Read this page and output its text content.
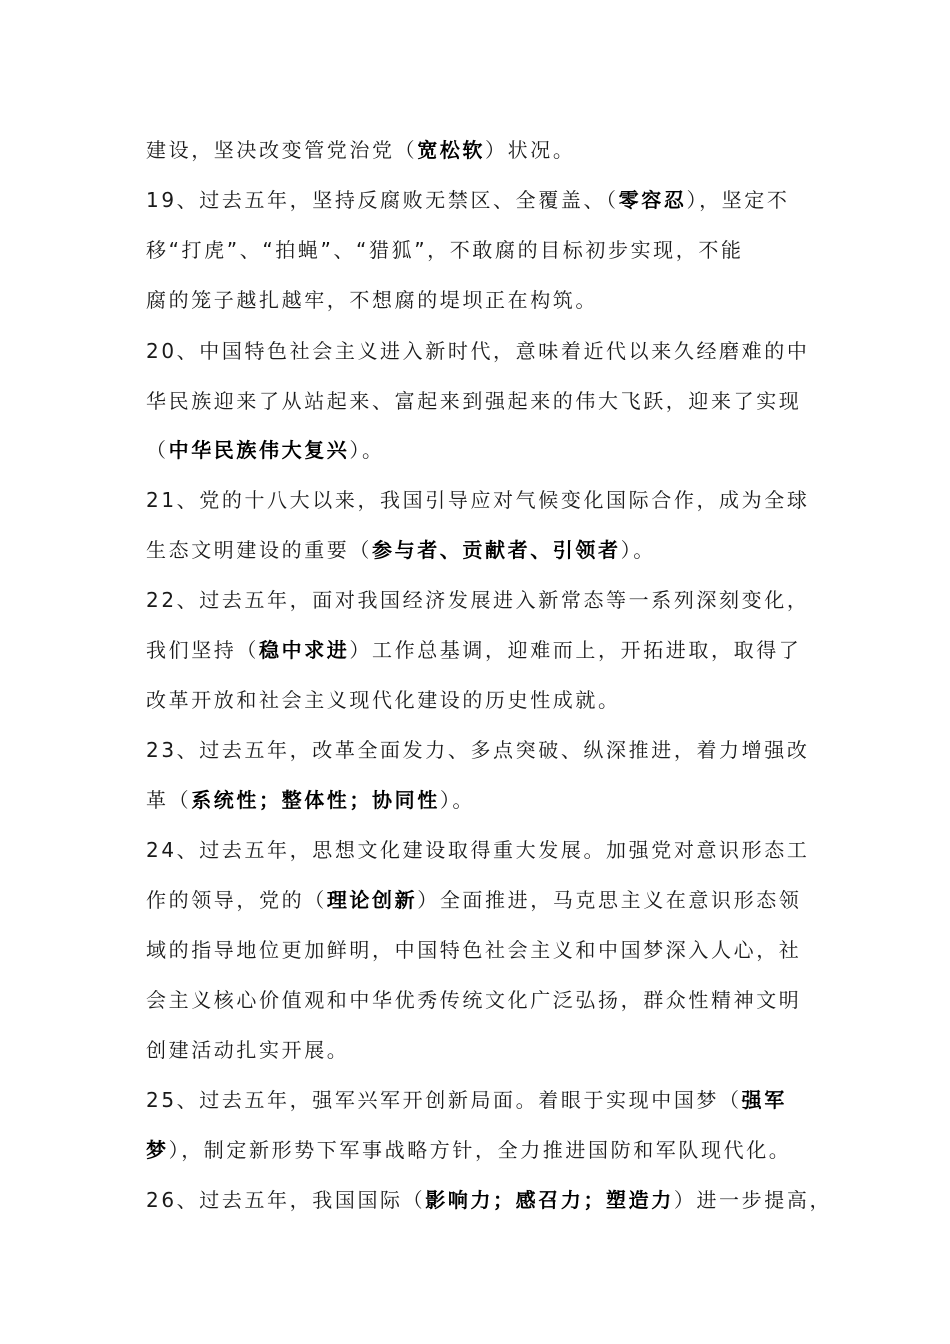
建设，坚决改变管党治党（宽松软）状况。
19、过去五年，坚持反腐败无禁区、全覆盖、（零容忍），坚定不
移“打虎”、“拍蝇”、“猎狐”，不敢腐的目标初步实现，不能
腐的笼子越扎越牢，不想腐的堤坝正在构筑。
20、中国特色社会主义进入新时代，意味着近代以来久经磨难的中
华民族迎来了从站起来、富起来到强起来的伟大飞跃，迎来了实现
（中华民族伟大复兴）。
21、党的十八大以来，我国引导应对气候变化国际合作，成为全球
生态文明建设的重要（参与者、贡献者、引领者）。
22、过去五年，面对我国经济发展进入新常态等一系列深刻变化，
我们坚持（稳中求进）工作总基调，迎难而上，开拓进取，取得了
改革开放和社会主义现代化建设的历史性成就。
23、过去五年，改革全面发力、多点突破、纵深推进，着力增强改
革（系统性；整体性；协同性）。
24、过去五年，思想文化建设取得重大发展。加强党对意识形态工
作的领导，党的（理论创新）全面推进，马克思主义在意识形态领
域的指导地位更加鲜明，中国特色社会主义和中国梦深入人心，社
会主义核心价值观和中华优秀传统文化广泛弘扬，群众性精神文明
创建活动扎实开展。
25、过去五年，强军兴军开创新局面。着眼于实现中国梦（强军
梦），制定新形势下军事战略方针，全力推进国防和军队现代化。
26、过去五年，我国国际（影响力；感召力；塑造力）进一步提高，
